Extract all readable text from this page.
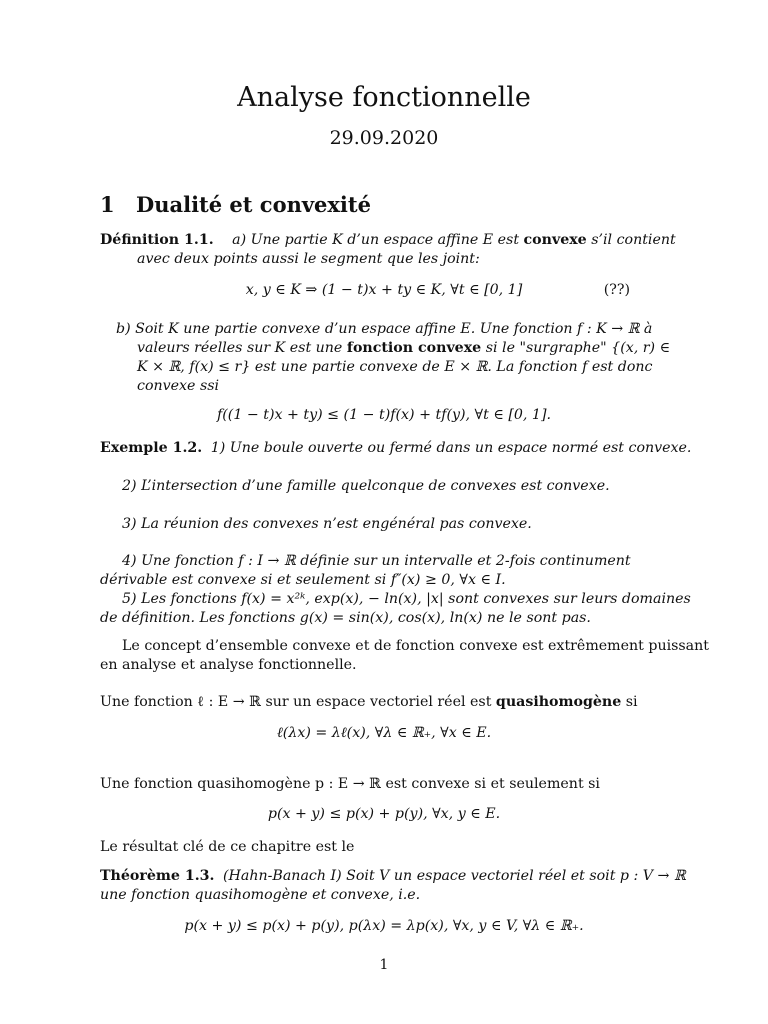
Analyse fonctionnelle
29.09.2020
1 Dualité et convexité
Définition 1.1. a) Une partie K d’un espace affine E est convexe s’il contient
avec deux points aussi le segment que les joint:
x, y ∈ K ⇒ (1 − t)x + ty ∈ K, ∀t ∈ [0, 1]	(??)
b) Soit K une partie convexe d’un espace affine E. Une fonction f : K → ℝ à
valeurs réelles sur K est une fonction convexe si le "surgraphe" {(x, r) ∈
K × ℝ, f(x) ≤ r} est une partie convexe de E × ℝ. La fonction f est donc
convexe ssi
f((1 − t)x + ty) ≤ (1 − t)f(x) + tf(y), ∀t ∈ [0, 1].
Exemple 1.2. 1) Une boule ouverte ou fermé dans un espace normé est convexe.
2) L’intersection d’une famille quelconque de convexes est convexe.
3) La réunion des convexes n’est engénéral pas convexe.
4) Une fonction f : I → ℝ définie sur un intervalle et 2-fois continument
dérivable est convexe si et seulement si f″(x) ≥ 0, ∀x ∈ I.
5) Les fonctions f(x) = x²ᵏ, exp(x), − ln(x), |x| sont convexes sur leurs domaines
de définition. Les fonctions g(x) = sin(x), cos(x), ln(x) ne le sont pas.
Le concept d’ensemble convexe et de fonction convexe est extrêmement puissant
en analyse et analyse fonctionnelle.
Une fonction ℓ : E → ℝ sur un espace vectoriel réel est quasihomogène si
ℓ(λx) = λℓ(x), ∀λ ∈ ℝ₊, ∀x ∈ E.
Une fonction quasihomogène p : E → ℝ est convexe si et seulement si
p(x + y) ≤ p(x) + p(y), ∀x, y ∈ E.
Le résultat clé de ce chapitre est le
Théorème 1.3. (Hahn-Banach I) Soit V un espace vectoriel réel et soit p : V → ℝ
une fonction quasihomogène et convexe, i.e.
p(x + y) ≤ p(x) + p(y), p(λx) = λp(x), ∀x, y ∈ V, ∀λ ∈ ℝ₊.
1
